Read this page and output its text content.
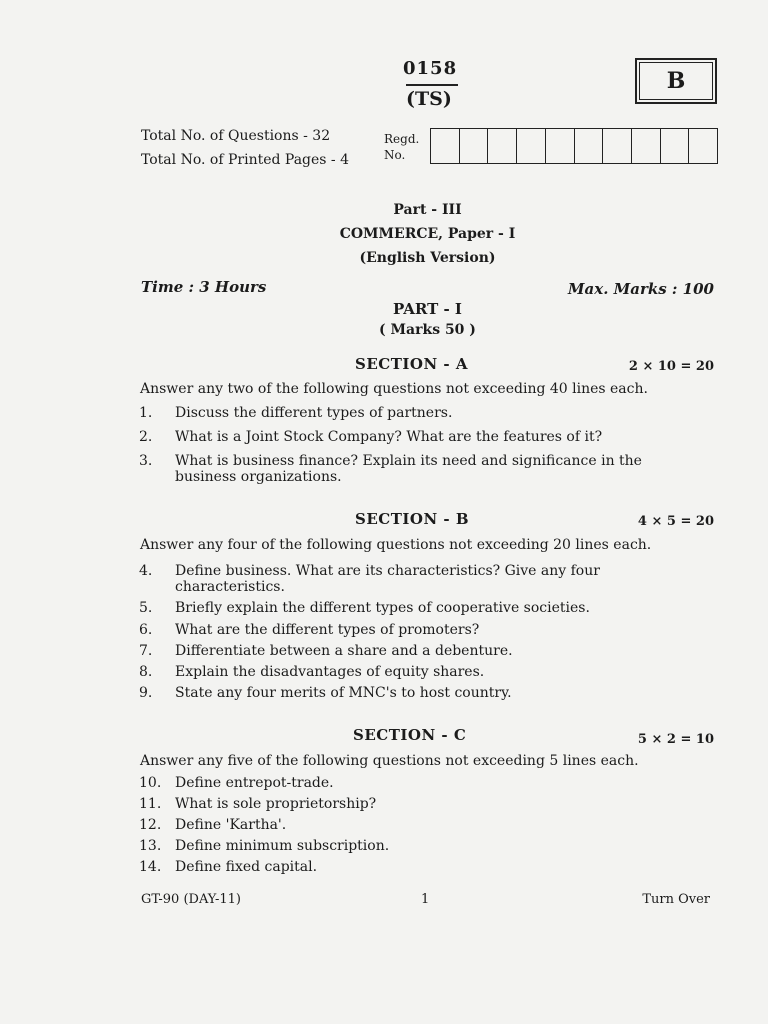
0158
(TS)
B
Total No. of Questions - 32
Total No. of Printed Pages - 4
Regd. No.
Part - III
COMMERCE, Paper - I
(English Version)
Time : 3 Hours	Max. Marks : 100
PART - I
( Marks 50 )
SECTION - A	2 × 10 = 20
Answer any two of the following questions not exceeding 40 lines each.
1.	Discuss the different types of partners.
2.	What is a Joint Stock Company? What are the features of it?
3.	What is business finance? Explain its need and significance in the business organizations.
SECTION - B	4 × 5 = 20
Answer any four of the following questions not exceeding 20 lines each.
4.	Define business. What are its characteristics? Give any four characteristics.
5.	Briefly explain the different types of cooperative societies.
6.	What are the different types of promoters?
7.	Differentiate between a share and a debenture.
8.	Explain the disadvantages of equity shares.
9.	State any four merits of MNC's to host country.
SECTION - C	5 × 2 = 10
Answer any five of the following questions not exceeding 5 lines each.
10. Define entrepot-trade.
11. What is sole proprietorship?
12. Define 'Kartha'.
13. Define minimum subscription.
14. Define fixed capital.
GT-90 (DAY-11)	1	Turn Over
